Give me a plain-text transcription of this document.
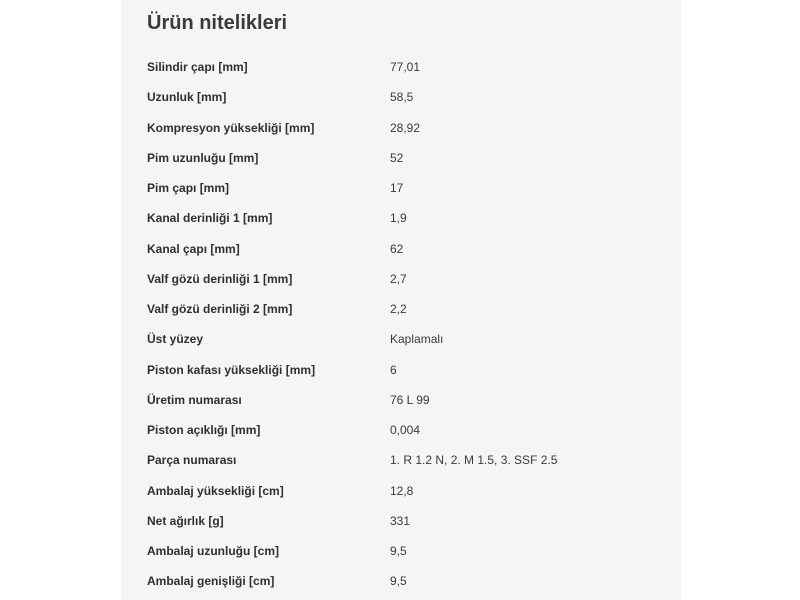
Ürün nitelikleri
Silindir çapı [mm]	77,01
Uzunluk [mm]	58,5
Kompresyon yüksekliği [mm]	28,92
Pim uzunluğu [mm]	52
Pim çapı [mm]	17
Kanal derinliği 1 [mm]	1,9
Kanal çapı [mm]	62
Valf gözü derinliği 1 [mm]	2,7
Valf gözü derinliği 2 [mm]	2,2
Üst yüzey	Kaplamalı
Piston kafası yüksekliği [mm]	6
Üretim numarası	76 L 99
Piston açıklığı [mm]	0,004
Parça numarası	1. R 1.2 N, 2. M 1.5, 3. SSF 2.5
Ambalaj yüksekliği [cm]	12,8
Net ağırlık [g]	331
Ambalaj uzunluğu [cm]	9,5
Ambalaj genişliği [cm]	9,5
